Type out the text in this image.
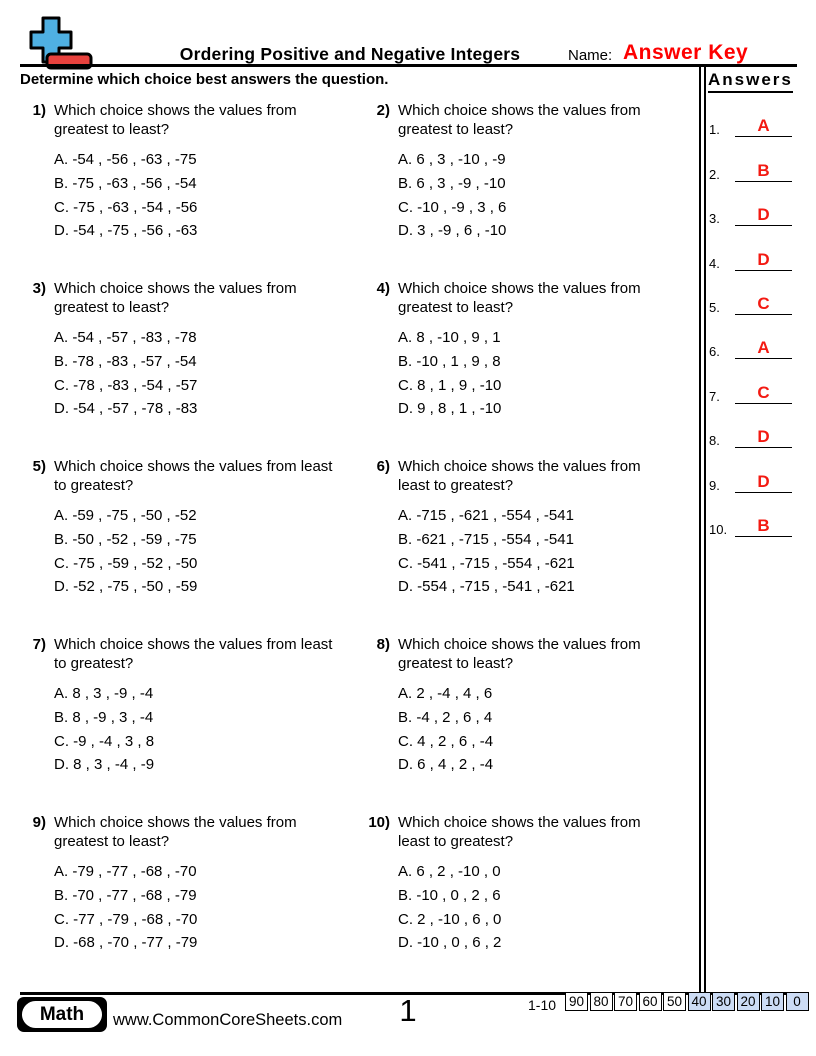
Ordering Positive and Negative Integers	Name: Answer Key
Determine which choice best answers the question.
1) Which choice shows the values from greatest to least?
A. -54 , -56 , -63 , -75
B. -75 , -63 , -56 , -54
C. -75 , -63 , -54 , -56
D. -54 , -75 , -56 , -63
2) Which choice shows the values from greatest to least?
A. 6 , 3 , -10 , -9
B. 6 , 3 , -9 , -10
C. -10 , -9 , 3 , 6
D. 3 , -9 , 6 , -10
3) Which choice shows the values from greatest to least?
A. -54 , -57 , -83 , -78
B. -78 , -83 , -57 , -54
C. -78 , -83 , -54 , -57
D. -54 , -57 , -78 , -83
4) Which choice shows the values from greatest to least?
A. 8 , -10 , 9 , 1
B. -10 , 1 , 9 , 8
C. 8 , 1 , 9 , -10
D. 9 , 8 , 1 , -10
5) Which choice shows the values from least to greatest?
A. -59 , -75 , -50 , -52
B. -50 , -52 , -59 , -75
C. -75 , -59 , -52 , -50
D. -52 , -75 , -50 , -59
6) Which choice shows the values from least to greatest?
A. -715 , -621 , -554 , -541
B. -621 , -715 , -554 , -541
C. -541 , -715 , -554 , -621
D. -554 , -715 , -541 , -621
7) Which choice shows the values from least to greatest?
A. 8 , 3 , -9 , -4
B. 8 , -9 , 3 , -4
C. -9 , -4 , 3 , 8
D. 8 , 3 , -4 , -9
8) Which choice shows the values from greatest to least?
A. 2 , -4 , 4 , 6
B. -4 , 2 , 6 , 4
C. 4 , 2 , 6 , -4
D. 6 , 4 , 2 , -4
9) Which choice shows the values from greatest to least?
A. -79 , -77 , -68 , -70
B. -70 , -77 , -68 , -79
C. -77 , -79 , -68 , -70
D. -68 , -70 , -77 , -79
10) Which choice shows the values from least to greatest?
A. 6 , 2 , -10 , 0
B. -10 , 0 , 2 , 6
C. 2 , -10 , 6 , 0
D. -10 , 0 , 6 , 2
Answers
1.	A
2.	B
3.	D
4.	D
5.	C
6.	A
7.	C
8.	D
9.	D
10.	B
Math	www.CommonCoreSheets.com	1	1-10 90 80 70 60 50 40 30 20 10 0
